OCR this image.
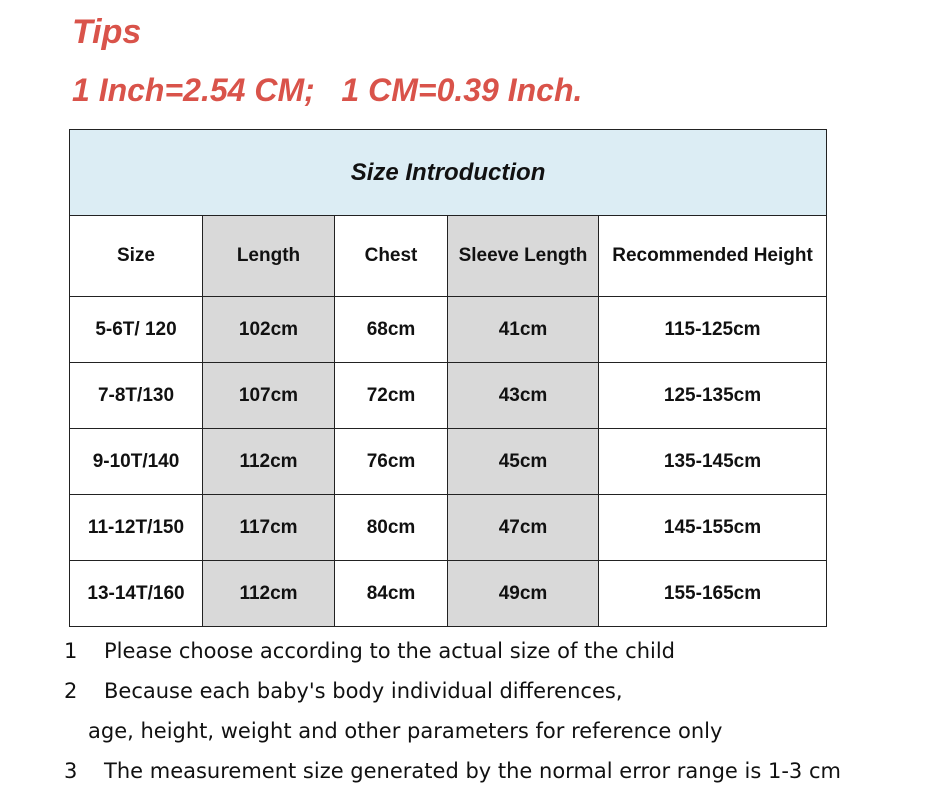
Tips
1 Inch=2.54 CM;   1 CM=0.39 Inch.
Size Introduction				
Size	Length	Chest	Sleeve Length	Recommended Height
5-6T/ 120	102cm	68cm	41cm	115-125cm
7-8T/130	107cm	72cm	43cm	125-135cm
9-10T/140	112cm	76cm	45cm	135-145cm
11-12T/150	117cm	80cm	47cm	145-155cm
13-14T/160	112cm	84cm	49cm	155-165cm
1 Please choose according to the actual size of the child
2 Because each baby's body individual differences,
age, height, weight and other parameters for reference only
3 The measurement size generated by the normal error range is 1-3 cm
